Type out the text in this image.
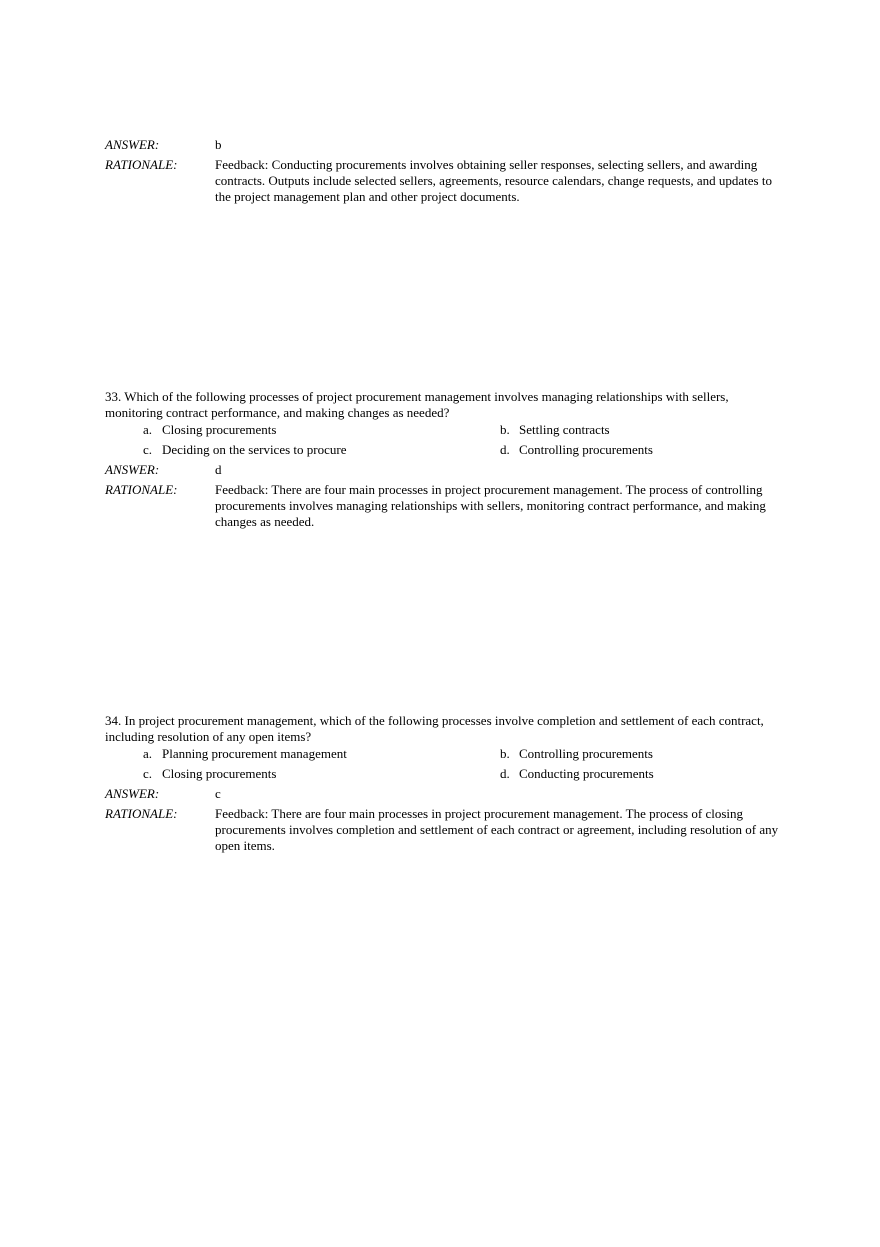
ANSWER:	b
RATIONALE:	Feedback: Conducting procurements involves obtaining seller responses, selecting sellers, and awarding contracts. Outputs include selected sellers, agreements, resource calendars, change requests, and updates to the project management plan and other project documents.
33. Which of the following processes of project procurement management involves managing relationships with sellers, monitoring contract performance, and making changes as needed?
a. Closing procurements	b. Settling contracts
c. Deciding on the services to procure	d. Controlling procurements
ANSWER:	d
RATIONALE:	Feedback: There are four main processes in project procurement management. The process of controlling procurements involves managing relationships with sellers, monitoring contract performance, and making changes as needed.
34. In project procurement management, which of the following processes involve completion and settlement of each contract, including resolution of any open items?
a. Planning procurement management	b. Controlling procurements
c. Closing procurements	d. Conducting procurements
ANSWER:	c
RATIONALE:	Feedback: There are four main processes in project procurement management. The process of closing procurements involves completion and settlement of each contract or agreement, including resolution of any open items.
